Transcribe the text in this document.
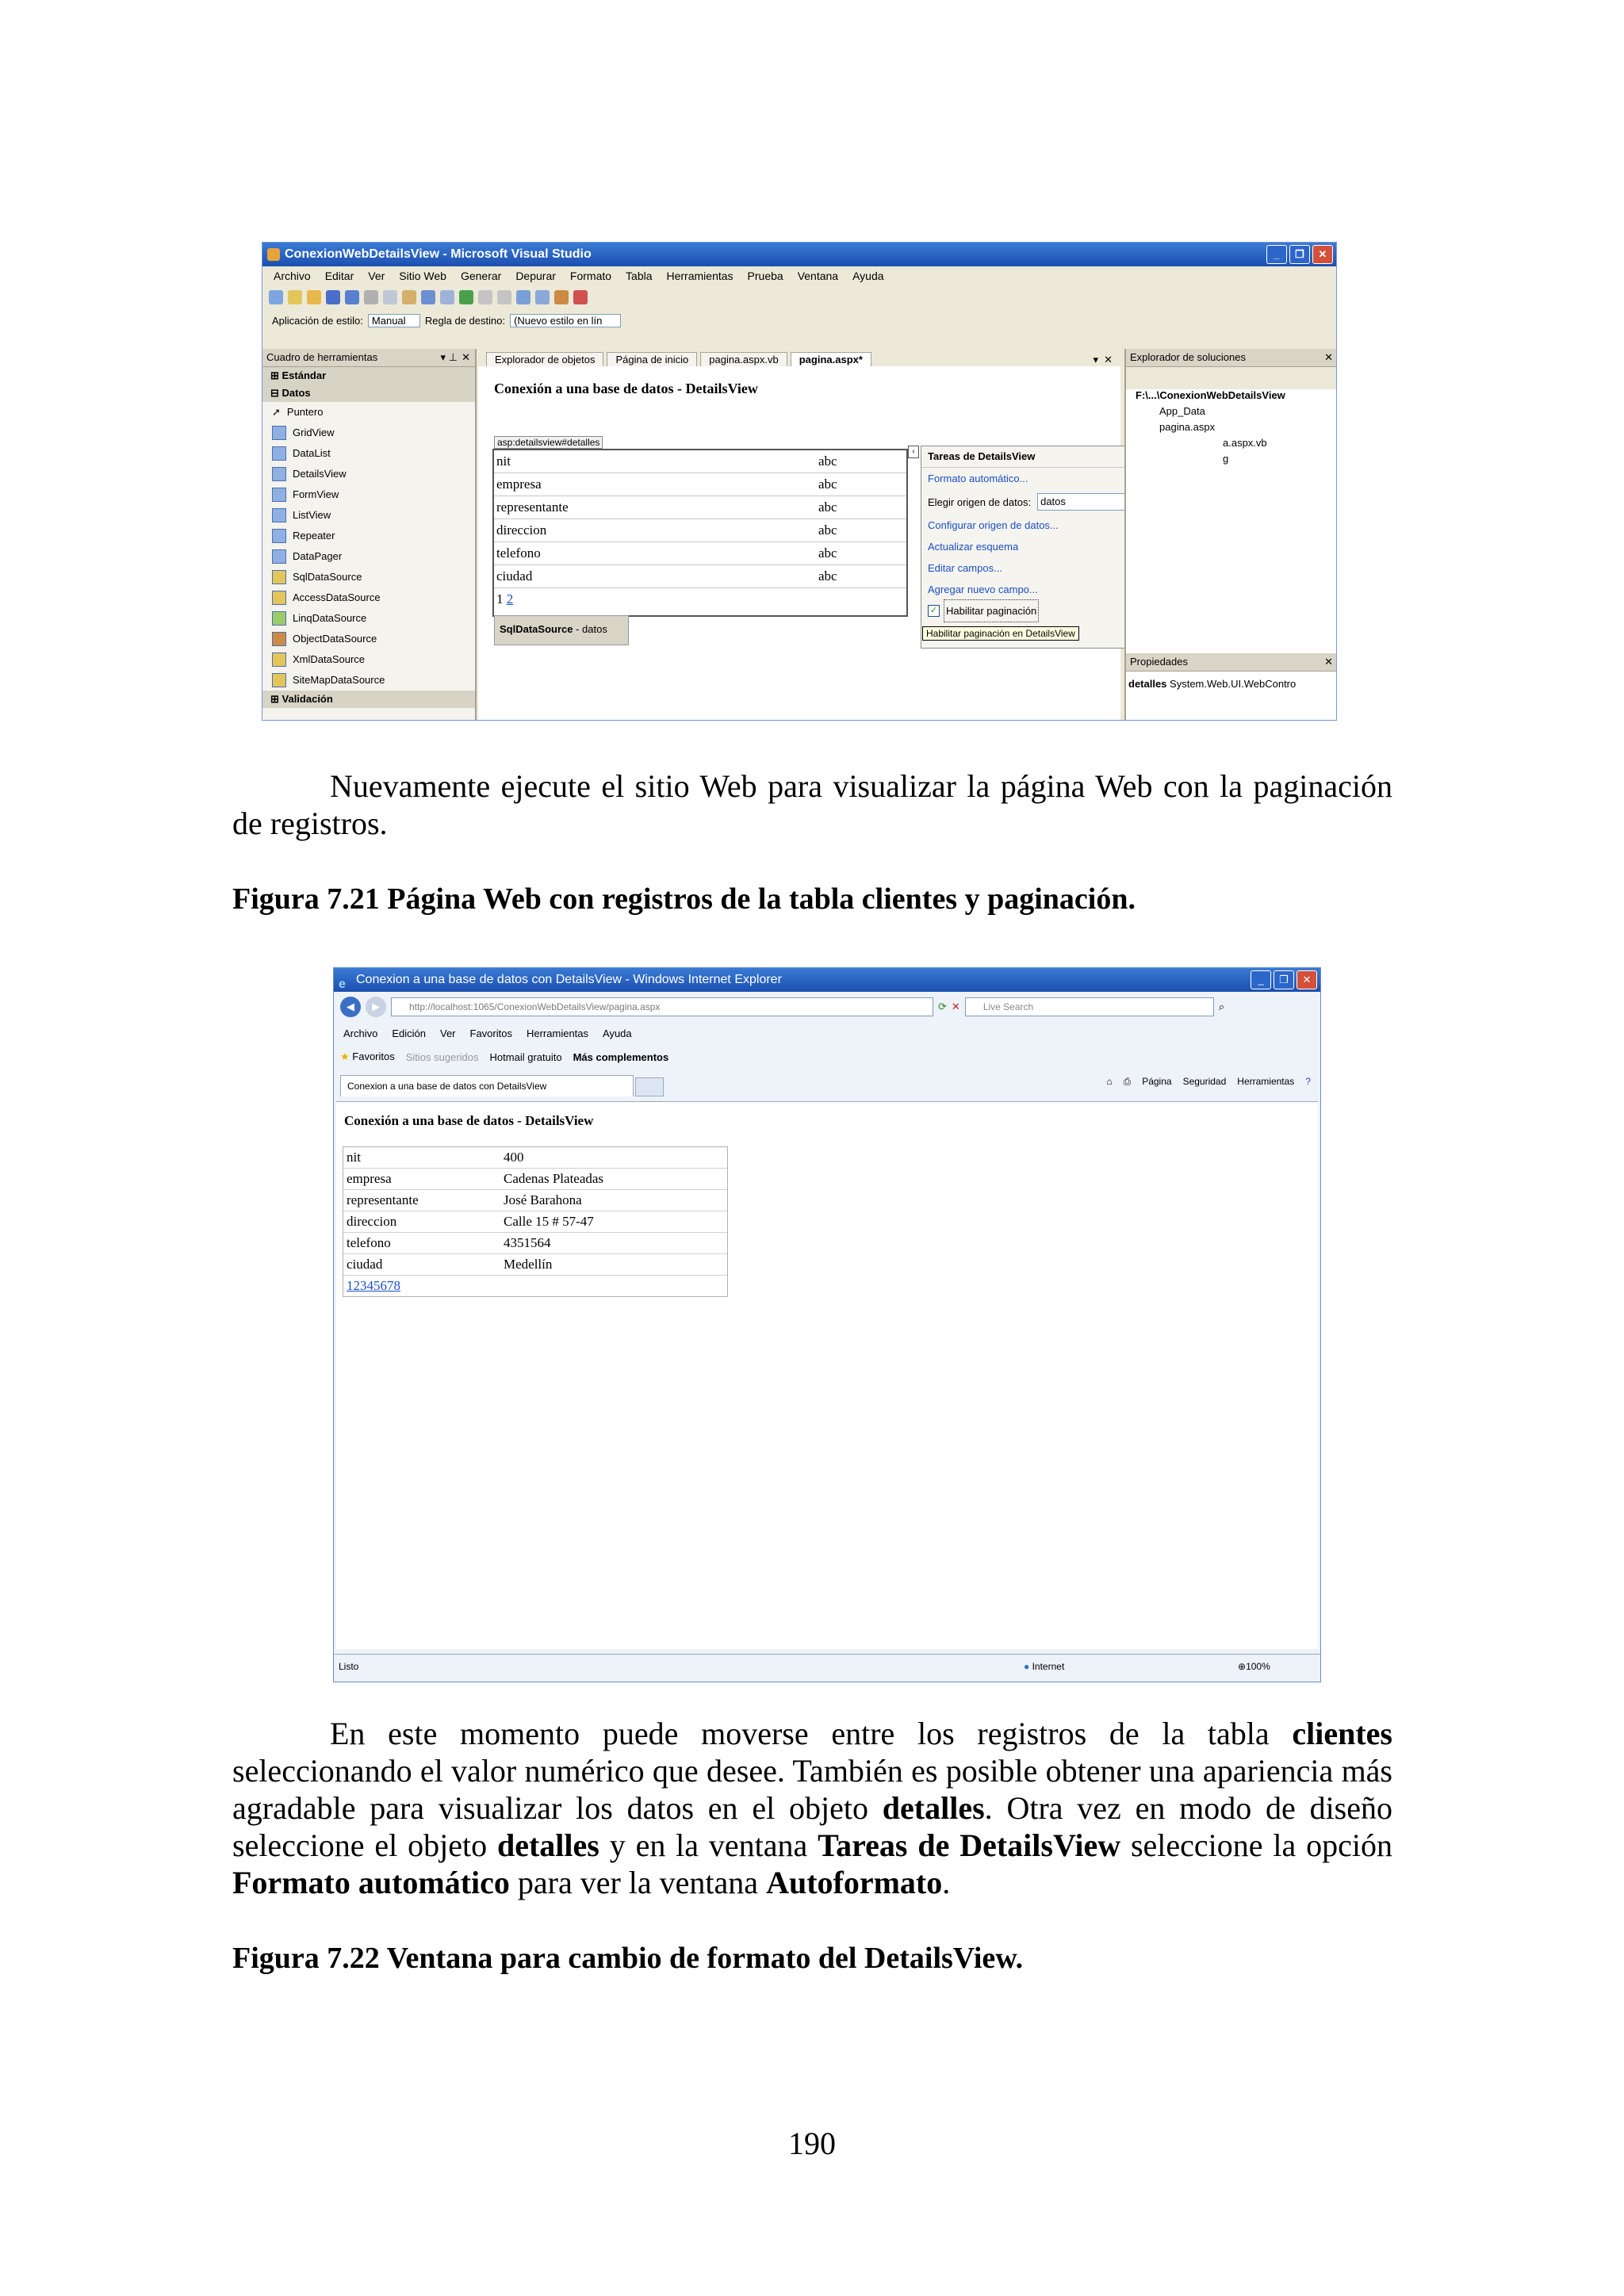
ConexionWebDetailsView - Microsoft Visual Studio	_	❐	✕
Archivo Editar Ver Sitio Web Generar Depurar Formato Tabla Herramientas Prueba Ventana Ayuda
Aplicación de estilo: Manual	Regla de destino: (Nuevo estilo en lín
Cuadro de herramientas	▾ ⊥ ✕
⊞ Estándar
⊟ Datos
➚ Puntero
GridView
DataList
DetailsView
FormView
ListView
Repeater
DataPager
SqlDataSource
AccessDataSource
LinqDataSource
ObjectDataSource
XmlDataSource
SiteMapDataSource
⊞ Validación
Explorador de objetos	Página de inicio	pagina.aspx.vb	pagina.aspx*	▾ ✕
Conexión a una base de datos - DetailsView
asp:detailsview#detalles
nit	abc
empresa	abc
representante	abc
direccion	abc
telefono	abc
ciudad	abc
1 2	
SqlDataSource - datos
‹	Tareas de DetailsView
Formato automático...
Elegir origen de datos: datos
Configurar origen de datos...
Actualizar esquema
Editar campos...
Agregar nuevo campo...
✓ Habilitar paginación
Habilitar paginación en DetailsView
Explorador de soluciones	✕
F:\...\ConexionWebDetailsView
App_Data
pagina.aspx
a.aspx.vb
g
Propiedades	✕
detalles System.Web.UI.WebContro

Nuevamente ejecute el sitio Web para visualizar la página Web con la paginación de registros.

Figura 7.21 Página Web con registros de la tabla clientes y paginación.

e Conexion a una base de datos con DetailsView - Windows Internet Explorer	_	❐	✕
◀	▶	http://localhost:1065/ConexionWebDetailsView/pagina.aspx	⟳ ✕	Live Search	⌕
Archivo Edición Ver Favoritos Herramientas Ayuda
★ Favoritos Sitios sugeridos Hotmail gratuito Más complementos
Conexion a una base de datos con DetailsView	⌂ ⎙ Página Seguridad Herramientas ?
Conexión a una base de datos - DetailsView
nit	400
empresa	Cadenas Plateadas
representante	José Barahona
direccion	Calle 15 # 57-47
telefono	4351564
ciudad	Medellín
12345678	
Listo	● Internet	⊕100%

En este momento puede moverse entre los registros de la tabla clientes seleccionando el valor numérico que desee. También es posible obtener una apariencia más agradable para visualizar los datos en el objeto detalles. Otra vez en modo de diseño seleccione el objeto detalles y en la ventana Tareas de DetailsView seleccione la opción Formato automático para ver la ventana Autoformato.

Figura 7.22 Ventana para cambio de formato del DetailsView.

190
